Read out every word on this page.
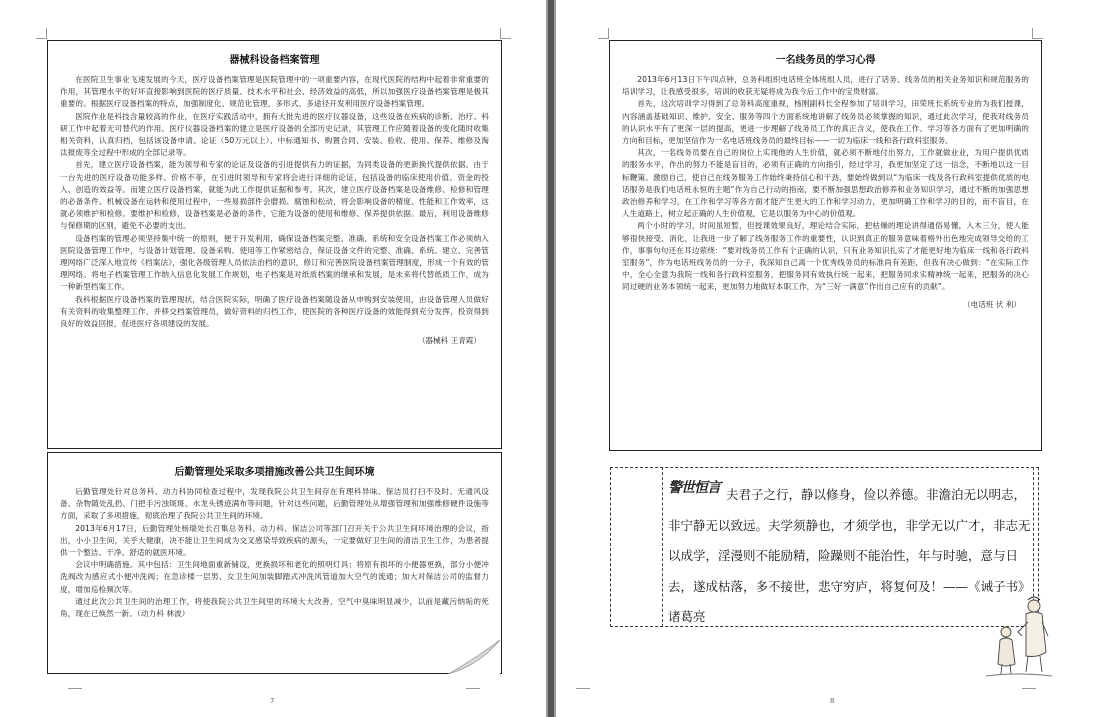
器械科设备档案管理

在医院卫生事业飞速发展的今天，医疗设备档案管理是医院管理中的一项重要内容，在现代医院的结构中起着非常重要的作用，其管理水平的好坏直接影响到医院的医疗质量、技术水平和社会、经济效益的高低，所以加强医疗设备档案管理是极其重要的。根据医疗设备档案的特点，加强制度化、规范化管理，多形式、多途径开发利用医疗设备档案管理。

医院作业是科技含量较高的作业，在医疗实践活动中，拥有大批先进的医疗仪器设备，这些设备在疾病的诊断、治疗、科研工作中起着无可替代的作用。医疗仪器设备档案的建立是医疗设备的全部历史记录，其管理工作应随着设备的变化随时收集相关资料，认真归档，包括该设备申请、论证（50万元以上）、中标通知书、购置合同、安装、验收、使用、保养、维修及淘汰报废等全过程中形成的全部记录等。

首先，建立医疗设备档案，能为领导和专家的论证及设备的引进提供有力的证据，为同类设备的更新换代提供依据。由于一台先进的医疗设备功能多样、价格不菲，在引进时领导和专家将会进行详细的论证，包括设备的临床使用价值、资金的投入、创造的效益等。而建立医疗设备档案，就能为此工作提供证据和参考。其次，建立医疗设备档案是设备维修、检修和管理的必备条件。机械设备在运转和使用过程中，一些易损部件会磨损、腐蚀和松动，将会影响设备的精度、性能和工作效率，这就必须维护和检修。要维护和检修，设备档案是必备的条件，它能为设备的使用和维修、保养提供依据。最后，利用设备维修与保修期的区别，避免不必要的支出。

设备档案的管理必须坚持集中统一的原则，便于开发利用，确保设备档案完整、准确、系统和安全设备档案工作必须纳入医院设备管理工作中，与设备计划管理、设备采购、使用等工作紧密结合，保证设备文件的完整、准确、系统。建立、完善管理网络广泛深入地宣传《档案法》，强化各级管理人员依法治档的意识，修订和完善医院设备档案管理制度，形成一个有效的管理网络。将电子档案管理工作纳入信息化发展工作规划，电子档案是对纸质档案的继承和发展，是未来将代替纸质工作，成为一种新型档案工作。

我科根据医疗设备档案的管理现状，结合医院实际，明确了医疗设备档案随设备从申购到安装使用，由设备管理人员做好有关资料的收集整理工作，并移交档案管理员，做好资料的归档工作，使医院的各种医疗设备的效能得到充分发挥，投资得到良好的效益回报，促进医疗各项建设的发展。

（器械科 王青霞）
后勤管理处采取多项措施改善公共卫生间环境

后勤管理处针对总务科、动力科协同检查过程中，发现我院公共卫生间存在有理科异味、保洁员打扫不及时、无通风设备、杂物随处乱扔、门把手污浊斑斑、水龙头锈迹满布等问题，针对这些问题，后勤管理处从增强管理和加强维修硬件设施等方面，采取了多项措施，彻底治理了我院公共卫生间的环境。

2013年6月17日，后勤管理处杨瑞处长召集总务科、动力科、保洁公司等部门召开关于公共卫生间环境治理的会议，指出，小小卫生间，关乎大健康，决不能让卫生间成为交叉感染导致疾病的源头，一定要做好卫生间的清洁卫生工作，为患者提供一个整洁、干净、舒适的就医环境。

会议中明确措施。其中包括：卫生间地面重新铺设，更换损坏和老化的照明灯具；将原有损坏的小便器更换，部分小便冲洗阀改为感应式小便冲洗阀；在急诊楼一层男、女卫生间加装脚踏式冲洗风管道加大空气的流通；加大对保洁公司的监督力度，增加巡检频次等。

通过此次公共卫生间的治理工作，将使我院公共卫生间里的环境大大改善，空气中臭味明显减少，以前是藏污纳垢的死角，现在已焕然一新。（动力科 林波）

7
一名线务员的学习心得

2013年6月13日下午四点钟，总务科组织电话班全体班组人员，进行了话务、线务员的相关业务知识和规范服务的培训学习，让我感受很多，培训的收获无疑将成为我今后工作中的宝贵财富。

首先，这次培训学习得到了总务科高度重视，杨刚副科长全程参加了培训学习，田荣班长系统专业的为我们授课，内容涵盖基础知识、维护、安全、服务等四个方面系统地讲解了线务员必须掌握的知识，通过此次学习，使我对线务员的认识水平有了更深一层的提高，更进一步理解了线务员工作的真正含义，使我在工作、学习等各方面有了更加明确的方向和目标，更加坚信作为一名电话班线务员的最终目标——一切为临床一线和各行政科室服务。

其次，一名线务员要在自己的岗位上实现他的人生价值，就必须不断地付出努力，工作就做业业，为用户提供优质的服务水平，作出的努力不能是盲目的，必须有正确的方向指引，经过学习，我更加坚定了这一信念，不断地以这一目标鞭策、激励自己，使自己在线务服务工作始终秉持信心和干劲，要始终做到以“为临床一线及各行政科室提供优质的电话服务是我们电话班永恒的主题”作为自己行动的指南，要不断加强思想政治修养和业务知识学习，通过不断的加强思想政治修养和学习，在工作和学习等各方面才能产生更大的工作和学习动力，更加明确工作和学习的目的，而不盲目，在人生道路上，树立起正确的人生价值观，它是以服务为中心的价值观。

两个小时的学习，时间虽短暂，但授课效果良好，理论结合实际，把枯燥的理论讲得通俗易懂，入木三分，使人能够很快接受、消化，让我进一步了解了线务服务工作的重要性，认识到真正的服务意味着格外出色地完成领导交给的工作，事事句句还在耳边萦绕：“要对线务员工作有个正确的认识，只有业务知识扎实了才能更好地为临床一线和各行政科室服务”，作为电话班线务员的一分子，我深知自己离一个优秀线务员的标准尚有差距，但我有决心做到：“在实际工作中，全心全意为我院一线和各行政科室服务，把服务同有效执行统一起来，把服务同求实精神统一起来，把服务的决心同过硬的业务本领统一起来，更加努力地做好本职工作，为“三好一满意”作出自己应有的贡献”。

（电话班 伏 利）
8
夫君子之行，静以修身，俭以养德。非澹泊无以明志，非宁静无以致远。夫学须静也，才须学也，非学无以广才，非志无以成学，淫漫则不能励精，险躁则不能治性，年与时驰，意与日去，遂成枯落，多不接世，悲守穷庐，将复何及！——《诫子书》诸葛亮
警世恒言
